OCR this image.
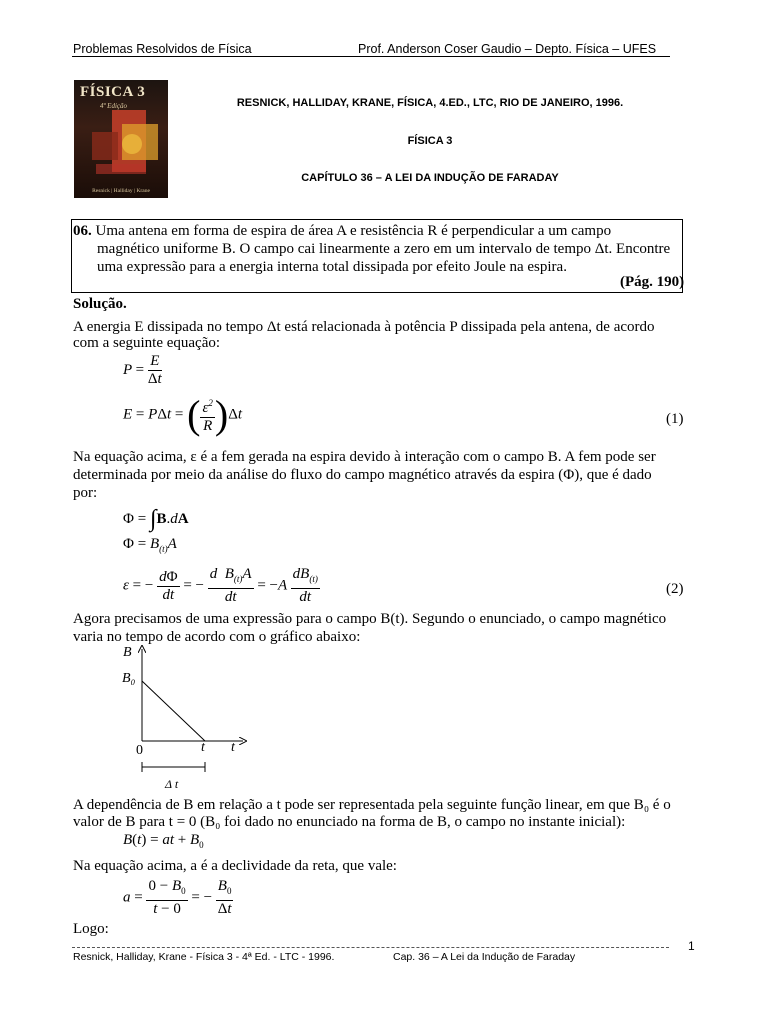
Problemas Resolvidos de Física	Prof. Anderson Coser Gaudio – Depto. Física – UFES
FÍSICA 3
4ª Edição
Resnick | Halliday | Krane
RESNICK, HALLIDAY, KRANE, FÍSICA, 4.ED., LTC, RIO DE JANEIRO, 1996.
FÍSICA 3
CAPÍTULO 36 – A LEI DA INDUÇÃO DE FARADAY
06. Uma antena em forma de espira de área A e resistência R é perpendicular a um campo
magnético uniforme B. O campo cai linearmente a zero em um intervalo de tempo Δt. Encontre
uma expressão para a energia interna total dissipada por efeito Joule na espira.
(Pág. 190)
Solução.
A energia E dissipada no tempo Δt está relacionada à potência P dissipada pela antena, de acordo
com a seguinte equação:
$P = \frac{E}{\Delta t}$
E = PΔt = ( $\frac{\varepsilon^2}{R} )\Delta t$	(1)
Na equação acima, ε é a fem gerada na espira devido à interação com o campo B. A fem pode ser
determinada por meio da análise do fluxo do campo magnético através da espira (Φ), que é dado
por:
Φ = ∫B.dA
$\Phi = B_{(t)}A$
ε = − $\frac{d\Phi}{dt}$ = − $\frac{d B_{(t)}A}{dt} = -A \frac{dB_{(t)}}{dt}$	(2)
Agora precisamos de uma expressão para o campo B(t). Segundo o enunciado, o campo magnético
varia no tempo de acordo com o gráfico abaixo:
B
B₀
0	t t
Δ t
A dependência de B em relação a t pode ser representada pela seguinte função linear, em que B₀ é o
valor de B para t = 0 (B₀ foi dado no enunciado na forma de B, o campo no instante inicial):
B(t) = at + $B_0$
Na equação acima, a é a declividade da reta, que vale:
$a = \frac{0 - B_0}{t - 0}$ = − $\frac{B_0}{\Delta t}$
Logo:
Resnick, Halliday, Krane - Física 3 - 4ª Ed. - LTC - 1996.	Cap. 36 – A Lei da Indução de Faraday
1
